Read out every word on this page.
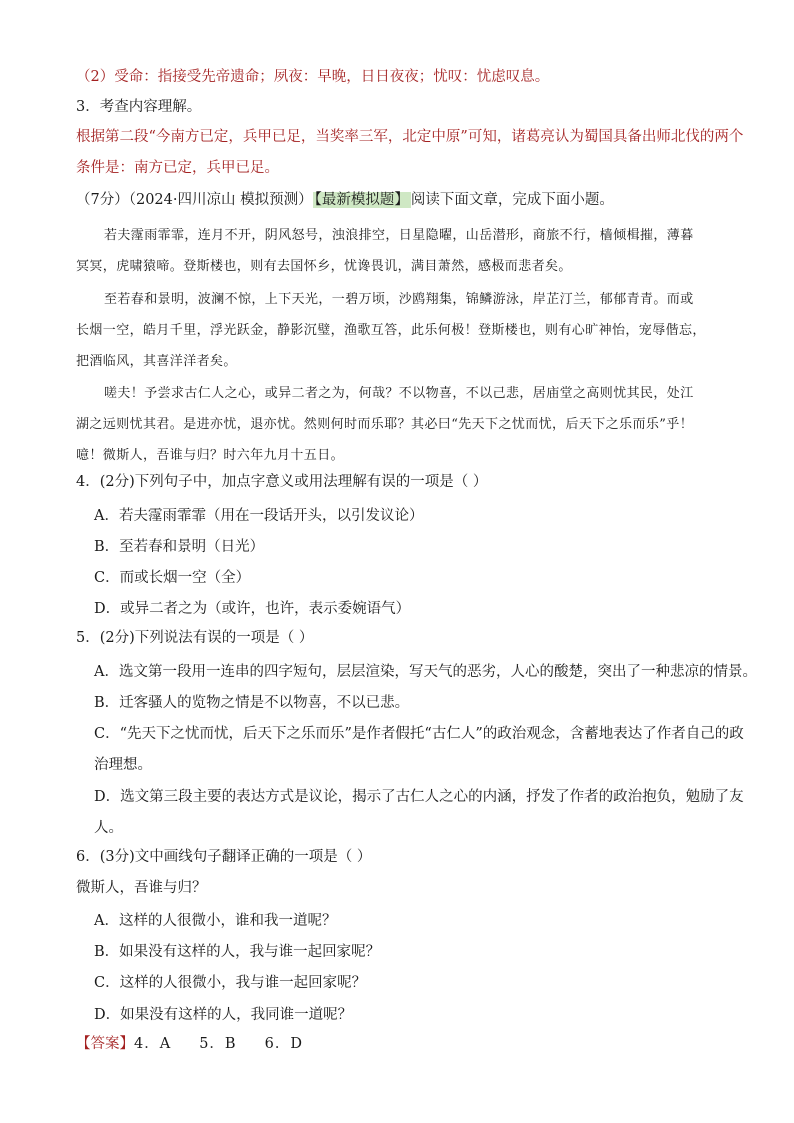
（2）受命：指接受先帝遗命；夙夜：早晚，日日夜夜；忧叹：忧虑叹息。
3．考查内容理解。
根据第二段“今南方已定，兵甲已足，当奖率三军，北定中原”可知，诸葛亮认为蜀国具备出师北伐的两个
条件是：南方已定，兵甲已足。
（7分）（2024·四川凉山 模拟预测） 【最新模拟题】 阅读下面文章，完成下面小题。
若夫霪雨霏霏，连月不开，阴风怒号，浊浪排空，日星隐曜，山岳潜形，商旅不行，樯倾楫摧，薄暮
冥冥，虎啸猿啼。登斯楼也，则有去国怀乡，忧谗畏讥，满目萧然，感极而悲者矣。
至若春和景明，波澜不惊，上下天光，一碧万顷，沙鸥翔集，锦鳞游泳，岸芷汀兰，郁郁青青。而或
长烟一空，皓月千里，浮光跃金，静影沉璧，渔歌互答，此乐何极！登斯楼也，则有心旷神怡，宠辱偕忘，
把酒临风，其喜洋洋者矣。
嗟夫！予尝求古仁人之心，或异二者之为，何哉？不以物喜，不以己悲，居庙堂之高则忧其民，处江
湖之远则忧其君。是进亦忧，退亦忧。然则何时而乐耶？其必曰“先天下之忧而忧，后天下之乐而乐”乎！
噫！微斯人，吾谁与归？时六年九月十五日。
4．(2分)下列句子中，加点字意义或用法理解有误的一项是（ ）
A．若夫霪雨霏霏（用在一段话开头，以引发议论）
B．至若春和景明（日光）
C．而或长烟一空（全）
D．或异二者之为（或许，也许，表示委婉语气）
5．(2分)下列说法有误的一项是（ ）
A．选文第一段用一连串的四字短句，层层渲染，写天气的恶劣，人心的酸楚，突出了一种悲凉的情景。
B．迁客骚人的览物之情是不以物喜，不以已悲。
C．“先天下之忧而忧，后天下之乐而乐”是作者假托“古仁人”的政治观念，含蓄地表达了作者自己的政
治理想。
D．选文第三段主要的表达方式是议论，揭示了古仁人之心的内涵，抒发了作者的政治抱负，勉励了友
人。
6．(3分)文中画线句子翻译正确的一项是（ ）
微斯人，吾谁与归？
A．这样的人很微小，谁和我一道呢？
B．如果没有这样的人，我与谁一起回家呢？
C．这样的人很微小，我与谁一起回家呢？
D．如果没有这样的人，我同谁一道呢？
【答案】4．A 5．B 6．D
